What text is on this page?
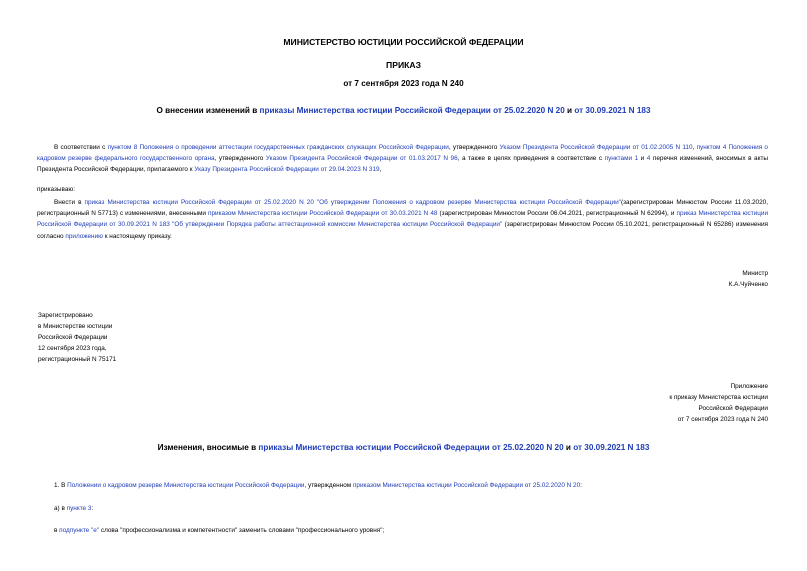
МИНИСТЕРСТВО ЮСТИЦИИ РОССИЙСКОЙ ФЕДЕРАЦИИ
ПРИКАЗ
от 7 сентября 2023 года N 240
О внесении изменений в приказы Министерства юстиции Российской Федерации от 25.02.2020 N 20 и от 30.09.2021 N 183
В соответствии с пунктом 8 Положения о проведении аттестации государственных гражданских служащих Российской Федерации, утвержденного Указом Президента Российской Федерации от 01.02.2005 N 110, пунктом 4 Положения о кадровом резерве федерального государственного органа, утвержденного Указом Президента Российской Федерации от 01.03.2017 N 96, а также в целях приведения в соответствие с пунктами 1 и 4 перечня изменений, вносимых в акты Президента Российской Федерации, прилагаемого к Указу Президента Российской Федерации от 29.04.2023 N 319,
приказываю:
Внести в приказ Министерства юстиции Российской Федерации от 25.02.2020 N 20 "Об утверждении Положения о кадровом резерве Министерства юстиции Российской Федерации"(зарегистрирован Минюстом России 11.03.2020, регистрационный N 57713) с изменениями, внесенными приказом Министерства юстиции Российской Федерации от 30.03.2021 N 48 (зарегистрирован Минюстом России 06.04.2021, регистрационный N 62994), и приказ Министерства юстиции Российской Федерации от 30.09.2021 N 183 "Об утверждении Порядка работы аттестационной комиссии Министерства юстиции Российской Федерации" (зарегистрирован Минюстом России 05.10.2021, регистрационный N 65286) изменения согласно приложению к настоящему приказу.
Министр
К.А.Чуйченко
Зарегистрировано
в Министерстве юстиции
Российской Федерации
12 сентября 2023 года,
регистрационный N 75171
Приложение
к приказу Министерства юстиции
Российской Федерации
от 7 сентября 2023 года N 240
Изменения, вносимые в приказы Министерства юстиции Российской Федерации от 25.02.2020 N 20 и от 30.09.2021 N 183
1. В Положении о кадровом резерве Министерства юстиции Российской Федерации, утвержденном приказом Министерства юстиции Российской Федерации от 25.02.2020 N 20:
а) в пункте 3:
в подпункте "е" слова "профессионализма и компетентности" заменить словами "профессионального уровня";
